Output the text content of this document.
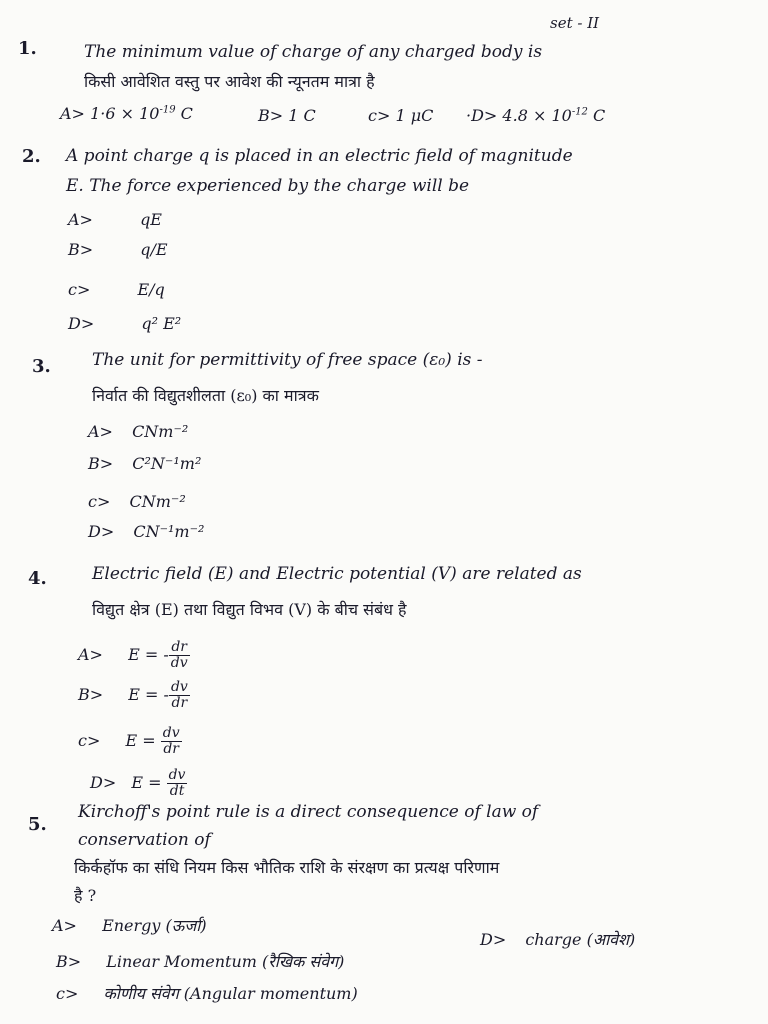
set - II
1.	The minimum value of charge of any charged body is
किसी आवेशित वस्तु पर आवेश की न्यूनतम मात्रा है
$A> 1\cdot 6 \times 10^{-19}$ C	B> 1 C	c> 1 $\mu C \cdot D> 4.8 \times 10^{-12}$ C
2. A point charge q is placed in an electric field of magnitude
E. The force experienced by the charge will be
A>	qE
B>	q/E
c>	E/q
D>	q² E²
3. The unit for permittivity of free space (ε₀) is -
निर्वात की विद्युतशीलता (ε₀) का मात्रक
A> CNm⁻²
B> C²N⁻¹m²
c> CNm⁻²
D> CN⁻¹m⁻²
4.	Electric field (E) and Electric potential (V) are related as
विद्युत क्षेत्र (E) तथा विद्युत विभव (V) के बीच संबंध है
A> E = - $\frac{dr}{dv}$
B> E = - $\frac{dv}{dr}$
$c> E = \frac{dv}{dr}$
$D> E = \frac{dv}{dt}$
5.
Kirchoff's point rule is a direct consequence of law of
conservation of
किर्कहॉफ का संधि नियम किस भौतिक राशि के संरक्षण का प्रत्यक्ष परिणाम
है ?
A> Energy (ऊर्जा)
B> Linear Momentum (रैखिक संवेग)
c> कोणीय संवेग (Angular momentum)
D> charge (आवेश)
